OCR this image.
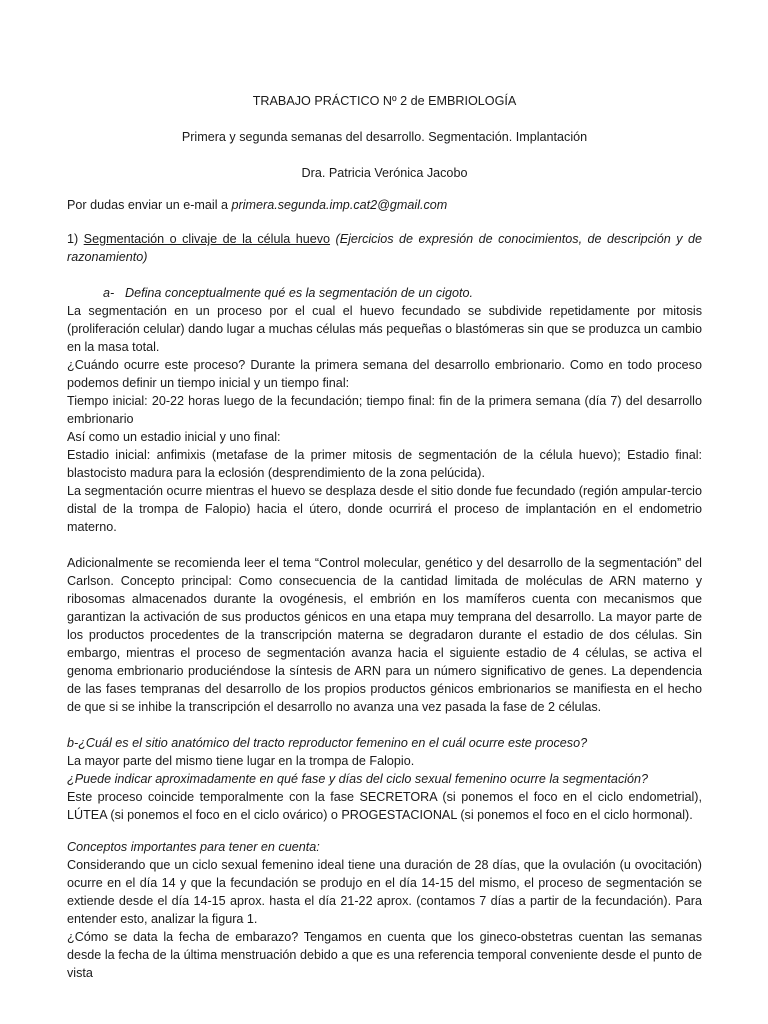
TRABAJO PRÁCTICO Nº 2 de EMBRIOLOGÍA

Primera y segunda semanas del desarrollo. Segmentación. Implantación

Dra. Patricia Verónica Jacobo

Por dudas enviar un e-mail a primera.segunda.imp.cat2@gmail.com

1) Segmentación o clivaje de la célula huevo (Ejercicios de expresión de conocimientos, de descripción y de razonamiento)

a- Defina conceptualmente qué es la segmentación de un cigoto.

La segmentación en un proceso por el cual el huevo fecundado se subdivide repetidamente por mitosis (proliferación celular) dando lugar a muchas células más pequeñas o blastómeras sin que se produzca un cambio en la masa total.

¿Cuándo ocurre este proceso? Durante la primera semana del desarrollo embrionario. Como en todo proceso podemos definir un tiempo inicial y un tiempo final:

Tiempo inicial: 20-22 horas luego de la fecundación; tiempo final: fin de la primera semana (día 7) del desarrollo embrionario

Así como un estadio inicial y uno final:

Estadio inicial: anfimixis (metafase de la primer mitosis de segmentación de la célula huevo); Estadio final: blastocisto madura para la eclosión (desprendimiento de la zona pelúcida).

La segmentación ocurre mientras el huevo se desplaza desde el sitio donde fue fecundado (región ampular-tercio distal de la trompa de Falopio) hacia el útero, donde ocurrirá el proceso de implantación en el endometrio materno.

Adicionalmente se recomienda leer el tema “Control molecular, genético y del desarrollo de la segmentación” del Carlson. Concepto principal: Como consecuencia de la cantidad limitada de moléculas de ARN materno y ribosomas almacenados durante la ovogénesis, el embrión en los mamíferos cuenta con mecanismos que garantizan la activación de sus productos génicos en una etapa muy temprana del desarrollo. La mayor parte de los productos procedentes de la transcripción materna se degradaron durante el estadio de dos células. Sin embargo, mientras el proceso de segmentación avanza hacia el siguiente estadio de 4 células, se activa el genoma embrionario produciéndose la síntesis de ARN para un número significativo de genes. La dependencia de las fases tempranas del desarrollo de los propios productos génicos embrionarios se manifiesta en el hecho de que si se inhibe la transcripción el desarrollo no avanza una vez pasada la fase de 2 células.

b-¿Cuál es el sitio anatómico del tracto reproductor femenino en el cuál ocurre este proceso?

La mayor parte del mismo tiene lugar en la trompa de Falopio.

¿Puede indicar aproximadamente en qué fase y días del ciclo sexual femenino ocurre la segmentación?

Este proceso coincide temporalmente con la fase SECRETORA (si ponemos el foco en el ciclo endometrial), LÚTEA (si ponemos el foco en el ciclo ovárico) o PROGESTACIONAL (si ponemos el foco en el ciclo hormonal).

Conceptos importantes para tener en cuenta:

Considerando que un ciclo sexual femenino ideal tiene una duración de 28 días, que la ovulación (u ovocitación) ocurre en el día 14 y que la fecundación se produjo en el día 14-15 del mismo, el proceso de segmentación se extiende desde el día 14-15 aprox. hasta el día 21-22 aprox. (contamos 7 días a partir de la fecundación). Para entender esto, analizar la figura 1.

¿Cómo se data la fecha de embarazo? Tengamos en cuenta que los gineco-obstetras cuentan las semanas desde la fecha de la última menstruación debido a que es una referencia temporal conveniente desde el punto de vista
